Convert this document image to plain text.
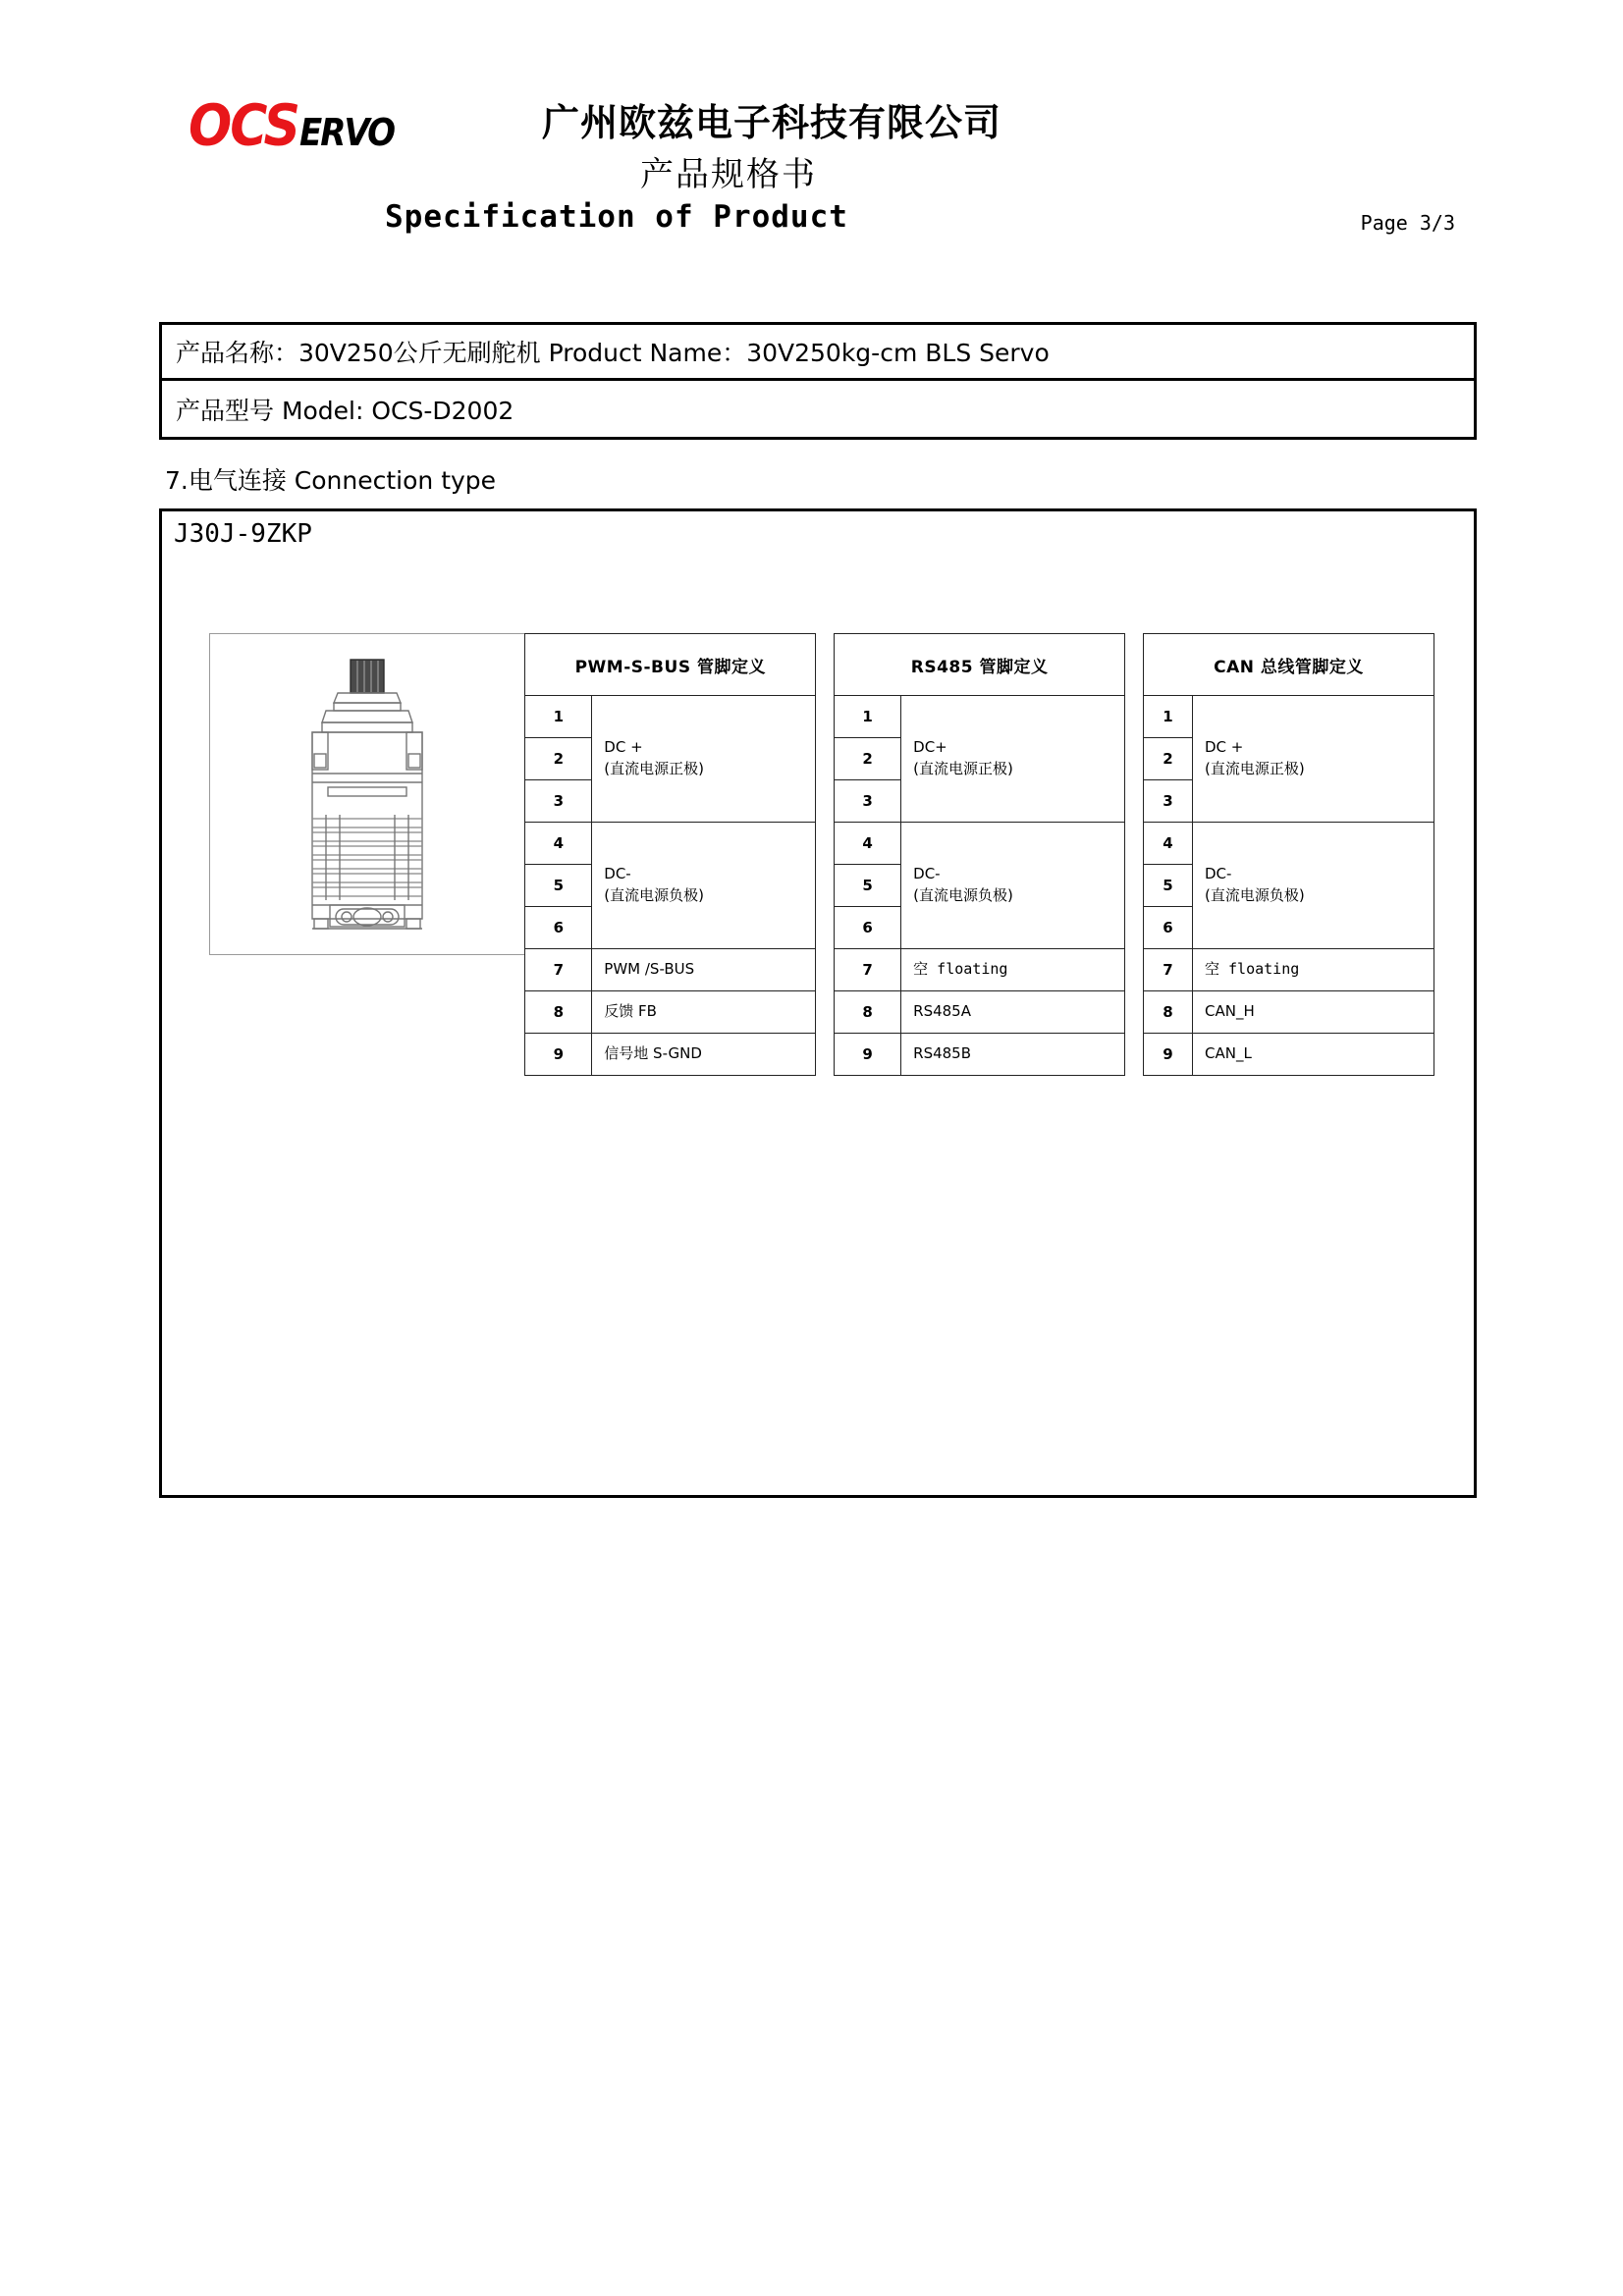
OCS ERVO	广州欧兹电子科技有限公司
产品规格书
Specification of Product	Page 3/3
产品名称：30V250公斤无刷舵机 Product Name：30V250kg-cm BLS Servo
产品型号 Model: OCS-D2002
7.电气连接 Connection type
J30J-9ZKP
PWM-S-BUS 管脚定义	
1	DC +
(直流电源正极)

2	
3	
4	DC-
(直流电源负极)

5	
6	
7	PWM /S-BUS
8	反馈 FB
9	信号地 S-GND
RS485 管脚定义	
1	DC+
(直流电源正极)

2	
3	
4	DC-
(直流电源负极)

5	
6	
7	空 floating
8	RS485A
9	RS485B
CAN 总线管脚定义	
1	DC +
(直流电源正极)

2	
3	
4	DC-
(直流电源负极)

5	
6	
7	空 floating
8	CAN_H
9	CAN_L
